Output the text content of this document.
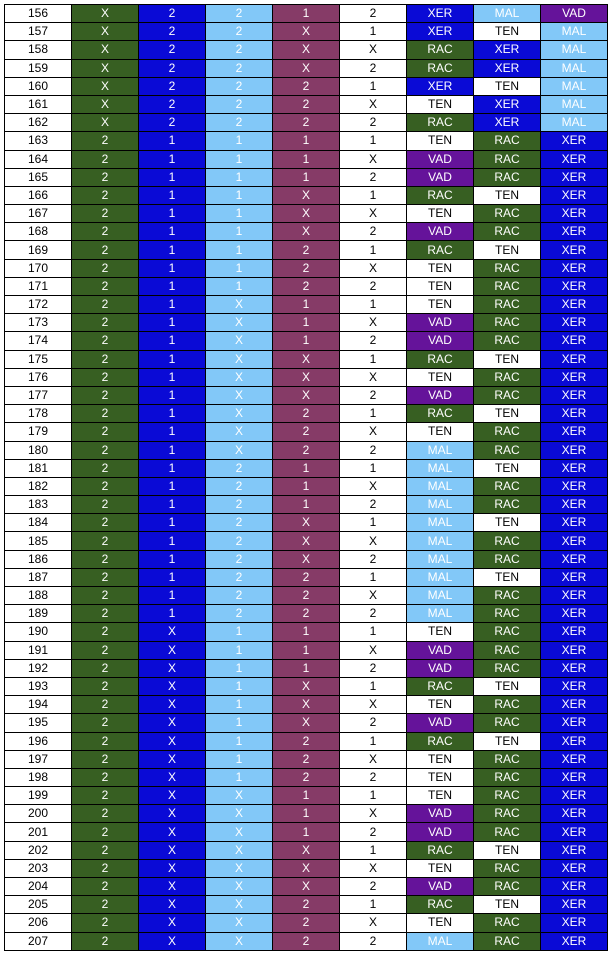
156	X	2	2	1	2	XER	MAL	VAD
157	X	2	2	X	1	XER	TEN	MAL
158	X	2	2	X	X	RAC	XER	MAL
159	X	2	2	X	2	RAC	XER	MAL
160	X	2	2	2	1	XER	TEN	MAL
161	X	2	2	2	X	TEN	XER	MAL
162	X	2	2	2	2	RAC	XER	MAL
163	2	1	1	1	1	TEN	RAC	XER
164	2	1	1	1	X	VAD	RAC	XER
165	2	1	1	1	2	VAD	RAC	XER
166	2	1	1	X	1	RAC	TEN	XER
167	2	1	1	X	X	TEN	RAC	XER
168	2	1	1	X	2	VAD	RAC	XER
169	2	1	1	2	1	RAC	TEN	XER
170	2	1	1	2	X	TEN	RAC	XER
171	2	1	1	2	2	TEN	RAC	XER
172	2	1	X	1	1	TEN	RAC	XER
173	2	1	X	1	X	VAD	RAC	XER
174	2	1	X	1	2	VAD	RAC	XER
175	2	1	X	X	1	RAC	TEN	XER
176	2	1	X	X	X	TEN	RAC	XER
177	2	1	X	X	2	VAD	RAC	XER
178	2	1	X	2	1	RAC	TEN	XER
179	2	1	X	2	X	TEN	RAC	XER
180	2	1	X	2	2	MAL	RAC	XER
181	2	1	2	1	1	MAL	TEN	XER
182	2	1	2	1	X	MAL	RAC	XER
183	2	1	2	1	2	MAL	RAC	XER
184	2	1	2	X	1	MAL	TEN	XER
185	2	1	2	X	X	MAL	RAC	XER
186	2	1	2	X	2	MAL	RAC	XER
187	2	1	2	2	1	MAL	TEN	XER
188	2	1	2	2	X	MAL	RAC	XER
189	2	1	2	2	2	MAL	RAC	XER
190	2	X	1	1	1	TEN	RAC	XER
191	2	X	1	1	X	VAD	RAC	XER
192	2	X	1	1	2	VAD	RAC	XER
193	2	X	1	X	1	RAC	TEN	XER
194	2	X	1	X	X	TEN	RAC	XER
195	2	X	1	X	2	VAD	RAC	XER
196	2	X	1	2	1	RAC	TEN	XER
197	2	X	1	2	X	TEN	RAC	XER
198	2	X	1	2	2	TEN	RAC	XER
199	2	X	X	1	1	TEN	RAC	XER
200	2	X	X	1	X	VAD	RAC	XER
201	2	X	X	1	2	VAD	RAC	XER
202	2	X	X	X	1	RAC	TEN	XER
203	2	X	X	X	X	TEN	RAC	XER
204	2	X	X	X	2	VAD	RAC	XER
205	2	X	X	2	1	RAC	TEN	XER
206	2	X	X	2	X	TEN	RAC	XER
207	2	X	X	2	2	MAL	RAC	XER
